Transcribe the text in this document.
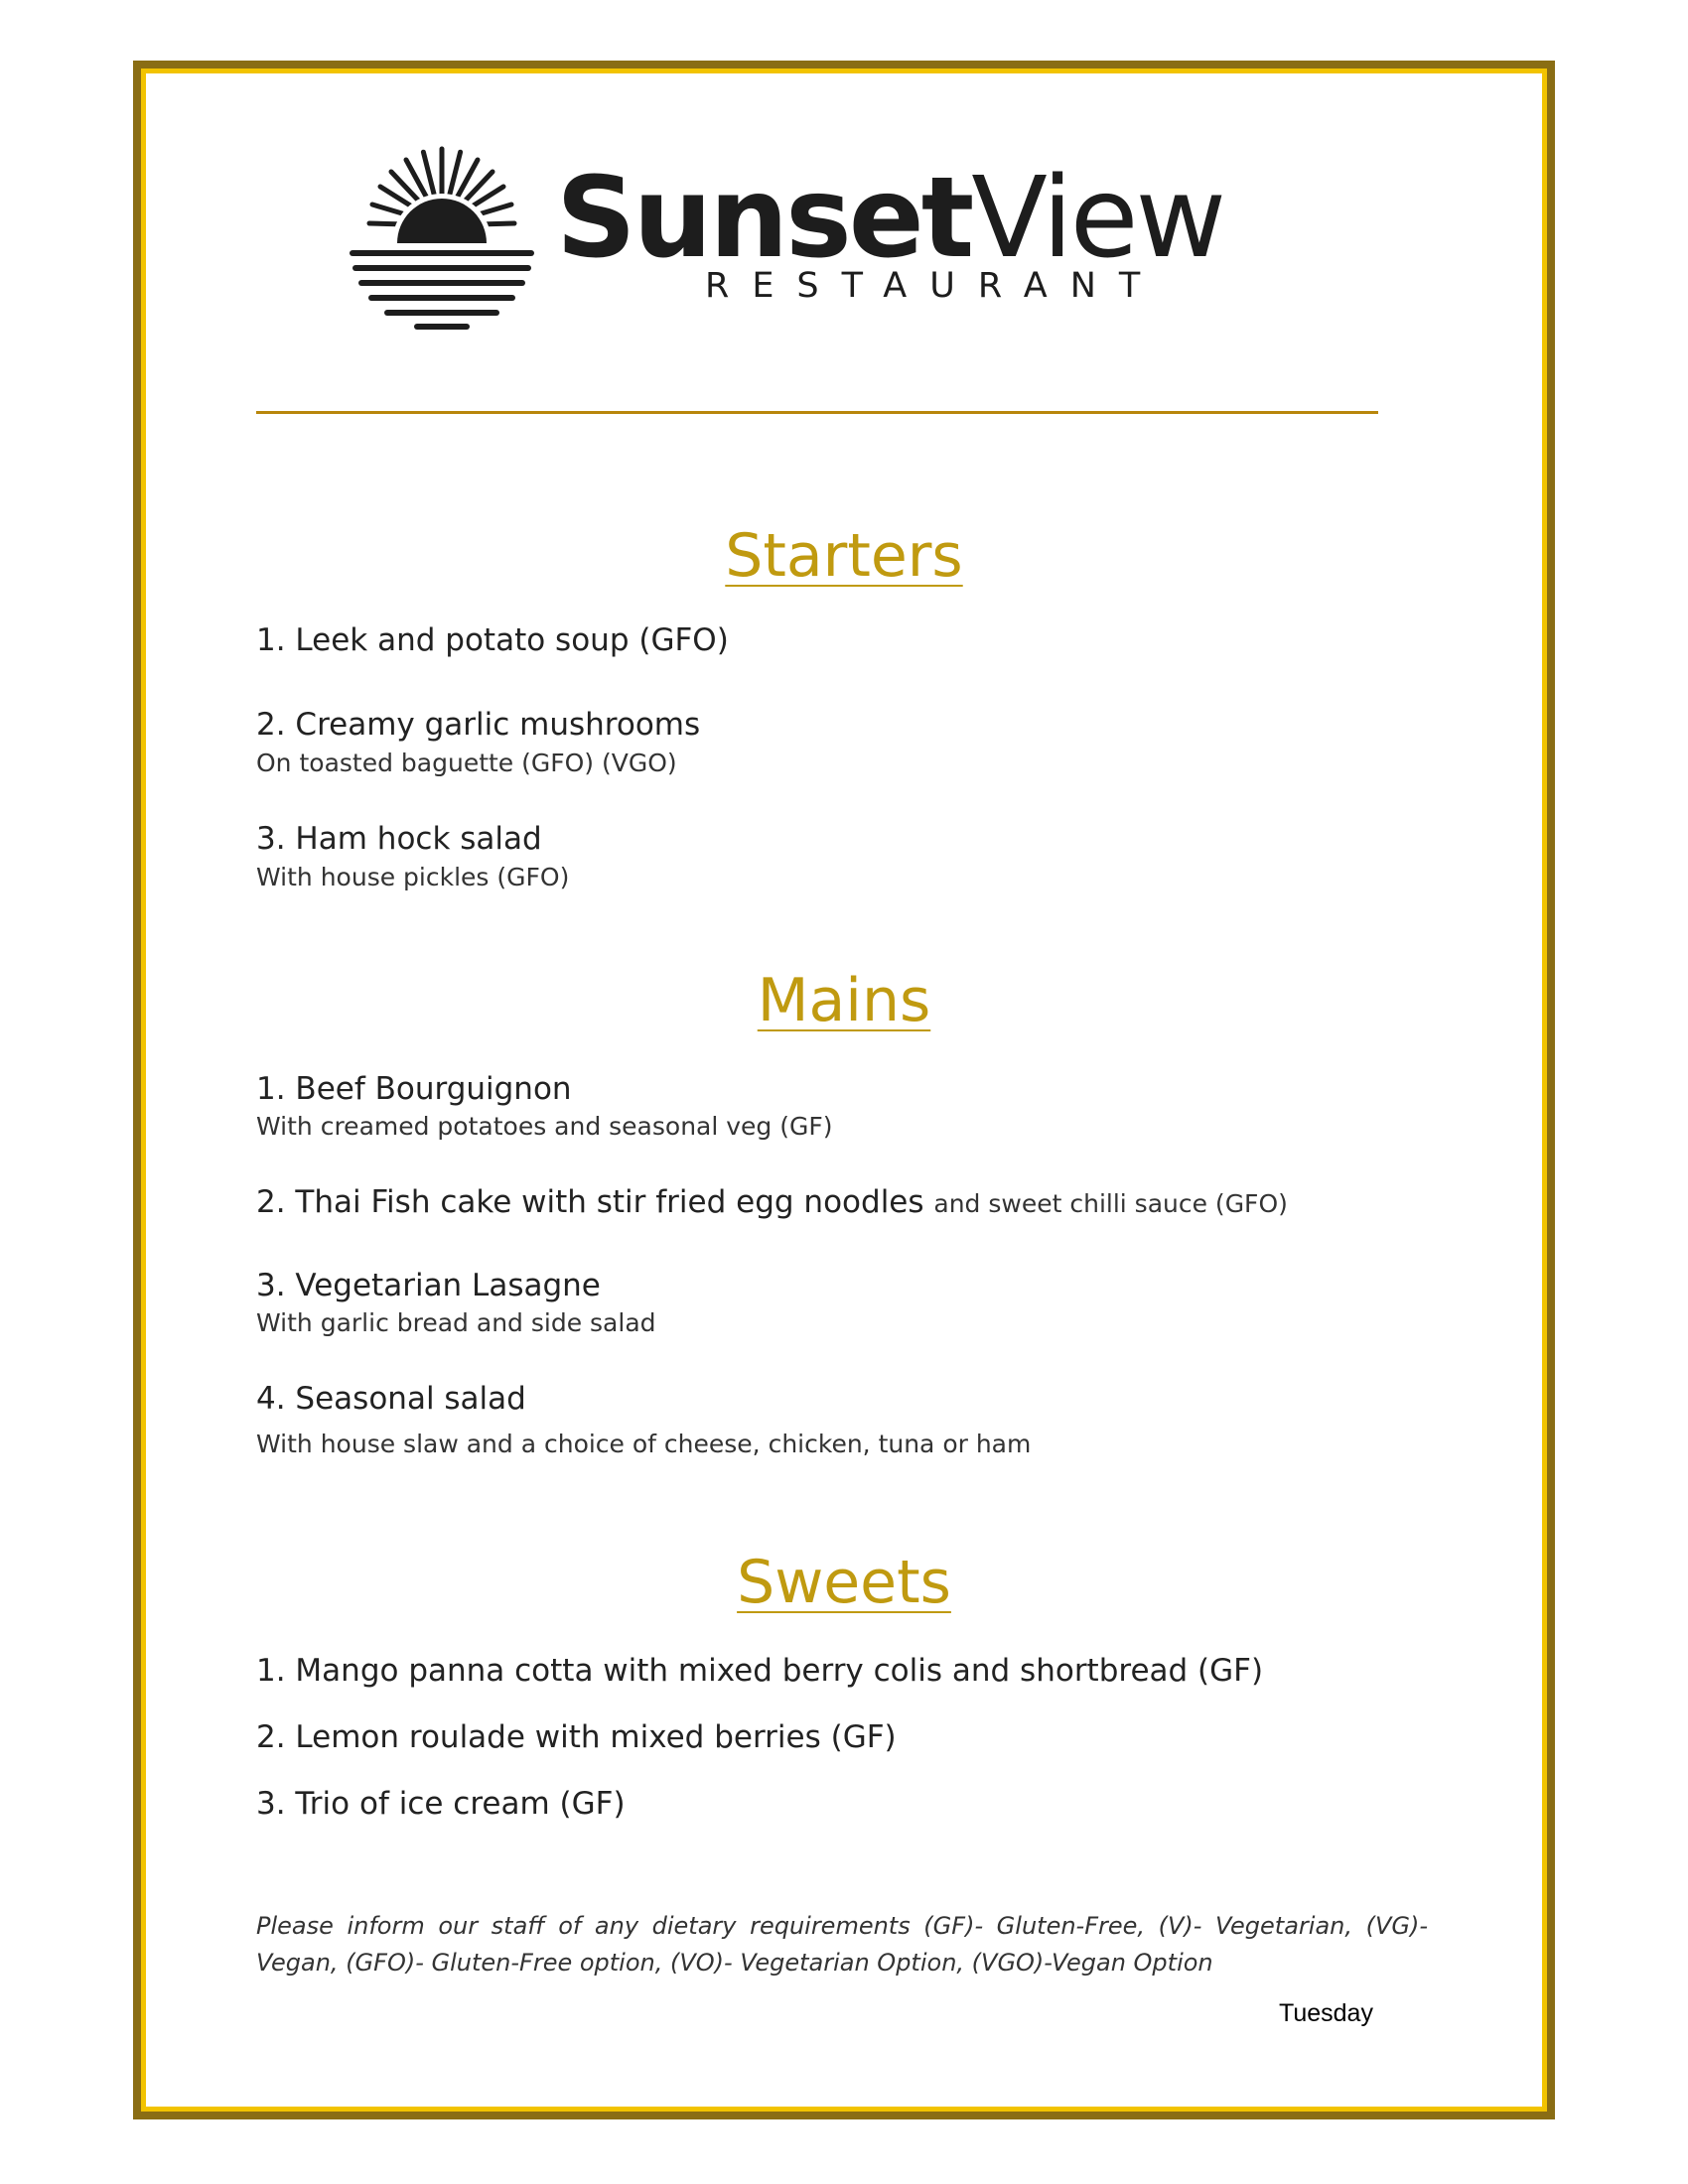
SunsetView
RESTAURANT
Starters
1. Leek and potato soup (GFO)
2. Creamy garlic mushrooms
On toasted baguette (GFO) (VGO)
3. Ham hock salad
With house pickles (GFO)
Mains
1. Beef Bourguignon
With creamed potatoes and seasonal veg (GF)
2. Thai Fish cake with stir fried egg noodles and sweet chilli sauce (GFO)
3. Vegetarian Lasagne
With garlic bread and side salad
4. Seasonal salad
With house slaw and a choice of cheese, chicken, tuna or ham
Sweets
1. Mango panna cotta with mixed berry colis and shortbread (GF)
2. Lemon roulade with mixed berries (GF)
3. Trio of ice cream (GF)
Please inform our staff of any dietary requirements (GF)- Gluten-Free, (V)- Vegetarian, (VG)- Vegan, (GFO)- Gluten-Free option, (VO)- Vegetarian Option, (VGO)-Vegan Option
Tuesday
